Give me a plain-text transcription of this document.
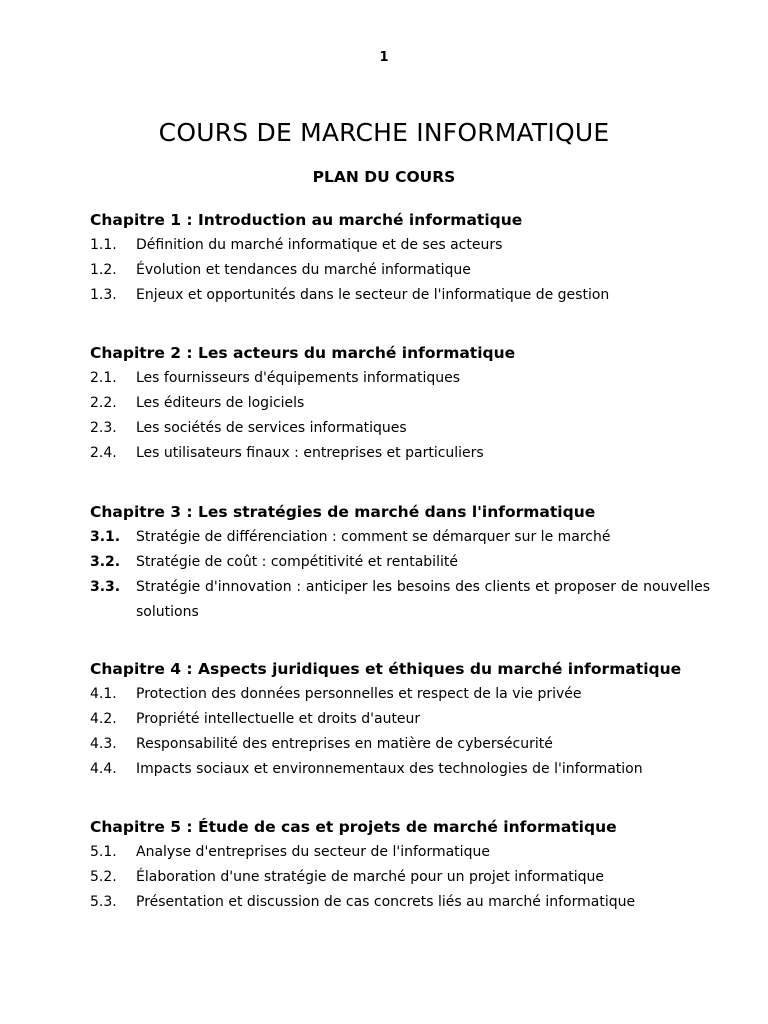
1
COURS DE MARCHE INFORMATIQUE
PLAN DU COURS
Chapitre 1 : Introduction au marché informatique
1.1.	Définition du marché informatique et de ses acteurs
1.2.	Évolution et tendances du marché informatique
1.3.	Enjeux et opportunités dans le secteur de l'informatique de gestion
Chapitre 2 : Les acteurs du marché informatique
2.1.	Les fournisseurs d'équipements informatiques
2.2.	Les éditeurs de logiciels
2.3.	Les sociétés de services informatiques
2.4.	Les utilisateurs finaux : entreprises et particuliers
Chapitre 3 : Les stratégies de marché dans l'informatique
3.1.	Stratégie de différenciation : comment se démarquer sur le marché
3.2.	Stratégie de coût : compétitivité et rentabilité
3.3.	Stratégie d'innovation : anticiper les besoins des clients et proposer de nouvelles solutions
Chapitre 4 : Aspects juridiques et éthiques du marché informatique
4.1.	Protection des données personnelles et respect de la vie privée
4.2.	Propriété intellectuelle et droits d'auteur
4.3.	Responsabilité des entreprises en matière de cybersécurité
4.4.	Impacts sociaux et environnementaux des technologies de l'information
Chapitre 5 : Étude de cas et projets de marché informatique
5.1.	Analyse d'entreprises du secteur de l'informatique
5.2.	Élaboration d'une stratégie de marché pour un projet informatique
5.3.	Présentation et discussion de cas concrets liés au marché informatique
